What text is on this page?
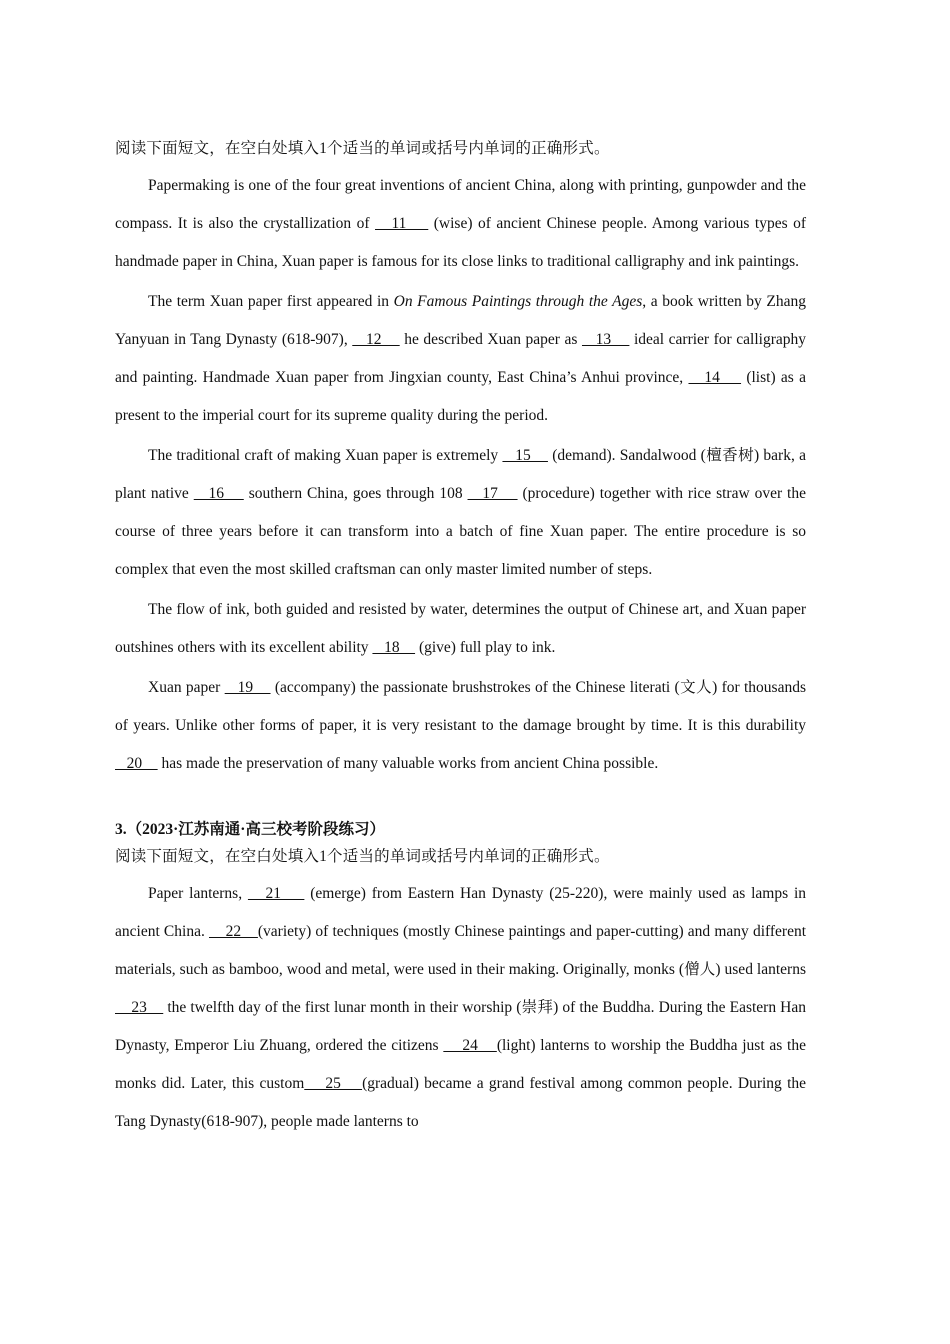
阅读下面短文，在空白处填入1个适当的单词或括号内单词的正确形式。

Papermaking is one of the four great inventions of ancient China, along with printing, gunpowder and the compass. It is also the crystallization of    11     (wise) of ancient Chinese people. Among various types of handmade paper in China, Xuan paper is famous for its close links to traditional calligraphy and ink paintings.

The term Xuan paper first appeared in On Famous Paintings through the Ages, a book written by Zhang Yanyuan in Tang Dynasty (618-907),    12     he described Xuan paper as    13     ideal carrier for calligraphy and painting. Handmade Xuan paper from Jingxian county, East China’s Anhui province,    14     (list) as a present to the imperial court for its supreme quality during the period.

The traditional craft of making Xuan paper is extremely    15     (demand). Sandalwood (檀香树) bark, a plant native    16     southern China, goes through 108    17     (procedure) together with rice straw over the course of three years before it can transform into a batch of fine Xuan paper. The entire procedure is so complex that even the most skilled craftsman can only master limited number of steps.

The flow of ink, both guided and resisted by water, determines the output of Chinese art, and Xuan paper outshines others with its excellent ability    18     (give) full play to ink.

Xuan paper    19     (accompany) the passionate brushstrokes of the Chinese literati (文人) for thousands of years. Unlike other forms of paper, it is very resistant to the damage brought by time. It is this durability    20     has made the preservation of many valuable works from ancient China possible.

3.（2023·江苏南通·高三校考阶段练习）
阅读下面短文，在空白处填入1个适当的单词或括号内单词的正确形式。

Paper lanterns,    21     (emerge) from Eastern Han Dynasty (25-220), were mainly used as lamps in ancient China.     22    (variety) of techniques (mostly Chinese paintings and paper-cutting) and many different materials, such as bamboo, wood and metal, were used in their making. Originally, monks (僧人) used lanterns    23     the twelfth day of the first lunar month in their worship (崇拜) of the Buddha. During the Eastern Han Dynasty, Emperor Liu Zhuang, ordered the citizens     24    (light) lanterns to worship the Buddha just as the monks did. Later, this custom    25    (gradual) became a grand festival among common people. During the Tang Dynasty(618-907), people made lanterns to
